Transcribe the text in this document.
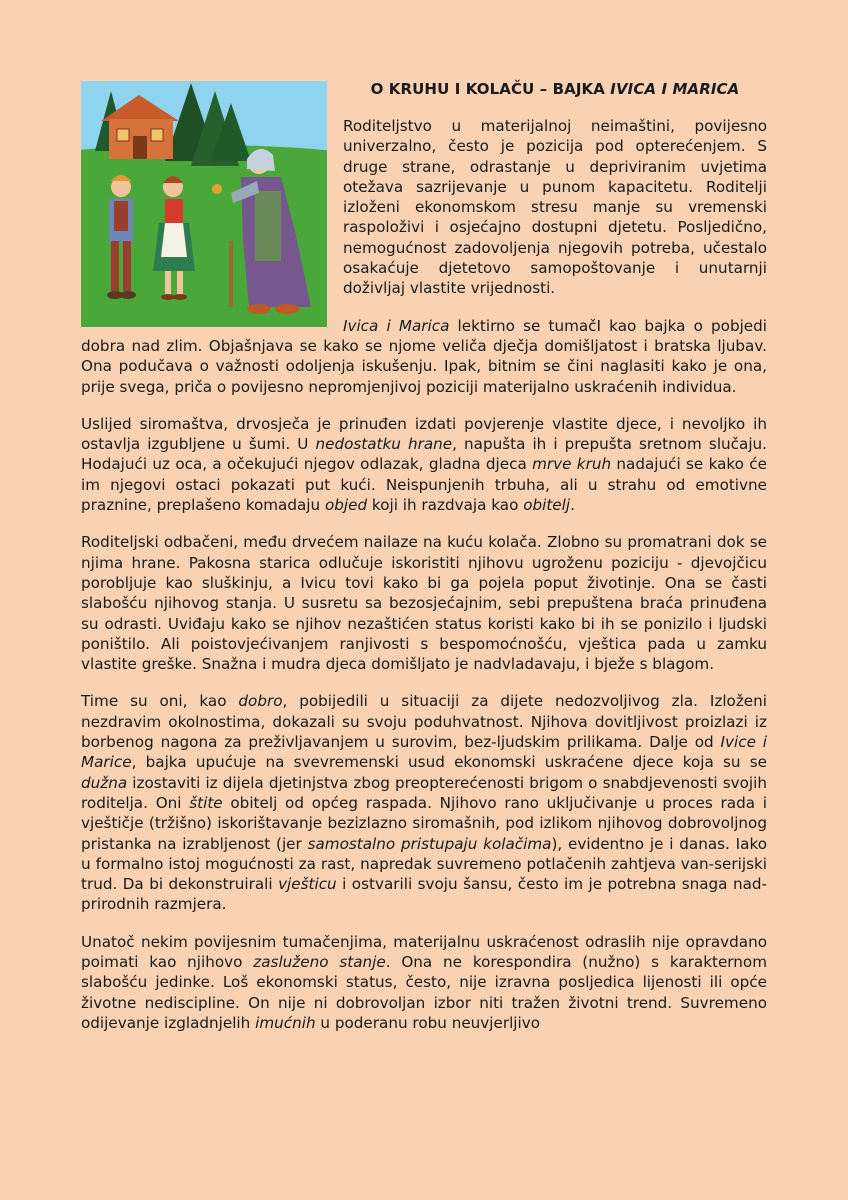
O KRUHU I KOLAČU – BAJKA IVICA I MARICA

Roditeljstvo u materijalnoj neimaštini, povijesno univerzalno, često je pozicija pod opterećenjem. S druge strane, odrastanje u depriviranim uvjetima otežava sazrijevanje u punom kapacitetu. Roditelji izloženi ekonomskom stresu manje su vremenski raspoloživi i osjećajno dostupni djetetu. Posljedično, nemogućnost zadovoljenja njegovih potreba, učestalo osakaćuje djetetovo samopoštovanje i unutarnji doživljaj vlastite vrijednosti.

Ivica i Marica lektirno se tumačI kao bajka o pobjedi dobra nad zlim. Objašnjava se kako se njome veliča dječja domišljatost i bratska ljubav. Ona podučava o važnosti odoljenja iskušenju. Ipak, bitnim se čini naglasiti kako je ona, prije svega, priča o povijesno nepromjenjivoj poziciji materijalno uskraćenih individua.

Uslijed siromaštva, drvosječa je prinuđen izdati povjerenje vlastite djece, i nevoljko ih ostavlja izgubljene u šumi. U nedostatku hrane, napušta ih i prepušta sretnom slučaju. Hodajući uz oca, a očekujući njegov odlazak, gladna djeca mrve kruh nadajući se kako će im njegovi ostaci pokazati put kući. Neispunjenih trbuha, ali u strahu od emotivne praznine, preplašeno komadaju objed koji ih razdvaja kao obitelj.

Roditeljski odbačeni, među drvećem nailaze na kuću kolača. Zlobno su promatrani dok se njima hrane. Pakosna starica odlučuje iskoristiti njihovu ugroženu poziciju - djevojčicu porobljuje kao sluškinju, a Ivicu tovi kako bi ga pojela poput životinje. Ona se časti slabošću njihovog stanja. U susretu sa bezosjećajnim, sebi prepuštena braća prinuđena su odrasti. Uviđaju kako se njihov nezaštićen status koristi kako bi ih se ponizilo i ljudski poništilo. Ali poistovjećivanjem ranjivosti s bespomoćnošću, vještica pada u zamku vlastite greške. Snažna i mudra djeca domišljato je nadvladavaju, i bježe s blagom.

Time su oni, kao dobro, pobijedili u situaciji za dijete nedozvoljivog zla. Izloženi nezdravim okolnostima, dokazali su svoju poduhvatnost. Njihova dovitljivost proizlazi iz borbenog nagona za preživljavanjem u surovim, bez-ljudskim prilikama. Dalje od Ivice i Marice, bajka upućuje na svevremenski usud ekonomski uskraćene djece koja su se dužna izostaviti iz dijela djetinjstva zbog preopterećenosti brigom o snabdjevenosti svojih roditelja. Oni štite obitelj od općeg raspada. Njihovo rano uključivanje u proces rada i vještičje (tržišno) iskorištavanje bezizlazno siromašnih, pod izlikom njihovog dobrovoljnog pristanka na izrabljenost (jer samostalno pristupaju kolačima), evidentno je i danas. Iako u formalno istoj mogućnosti za rast, napredak suvremeno potlačenih zahtjeva van-serijski trud. Da bi dekonstruirali vješticu i ostvarili svoju šansu, često im je potrebna snaga nad-prirodnih razmjera.

Unatoč nekim povijesnim tumačenjima, materijalnu uskraćenost odraslih nije opravdano poimati kao njihovo zasluženo stanje. Ona ne korespondira (nužno) s karakternom slabošću jedinke. Loš ekonomski status, često, nije izravna posljedica lijenosti ili opće životne nediscipline. On nije ni dobrovoljan izbor niti tražen životni trend. Suvremeno odijevanje izgladnjelih imućnih u poderanu robu neuvjerljivo
